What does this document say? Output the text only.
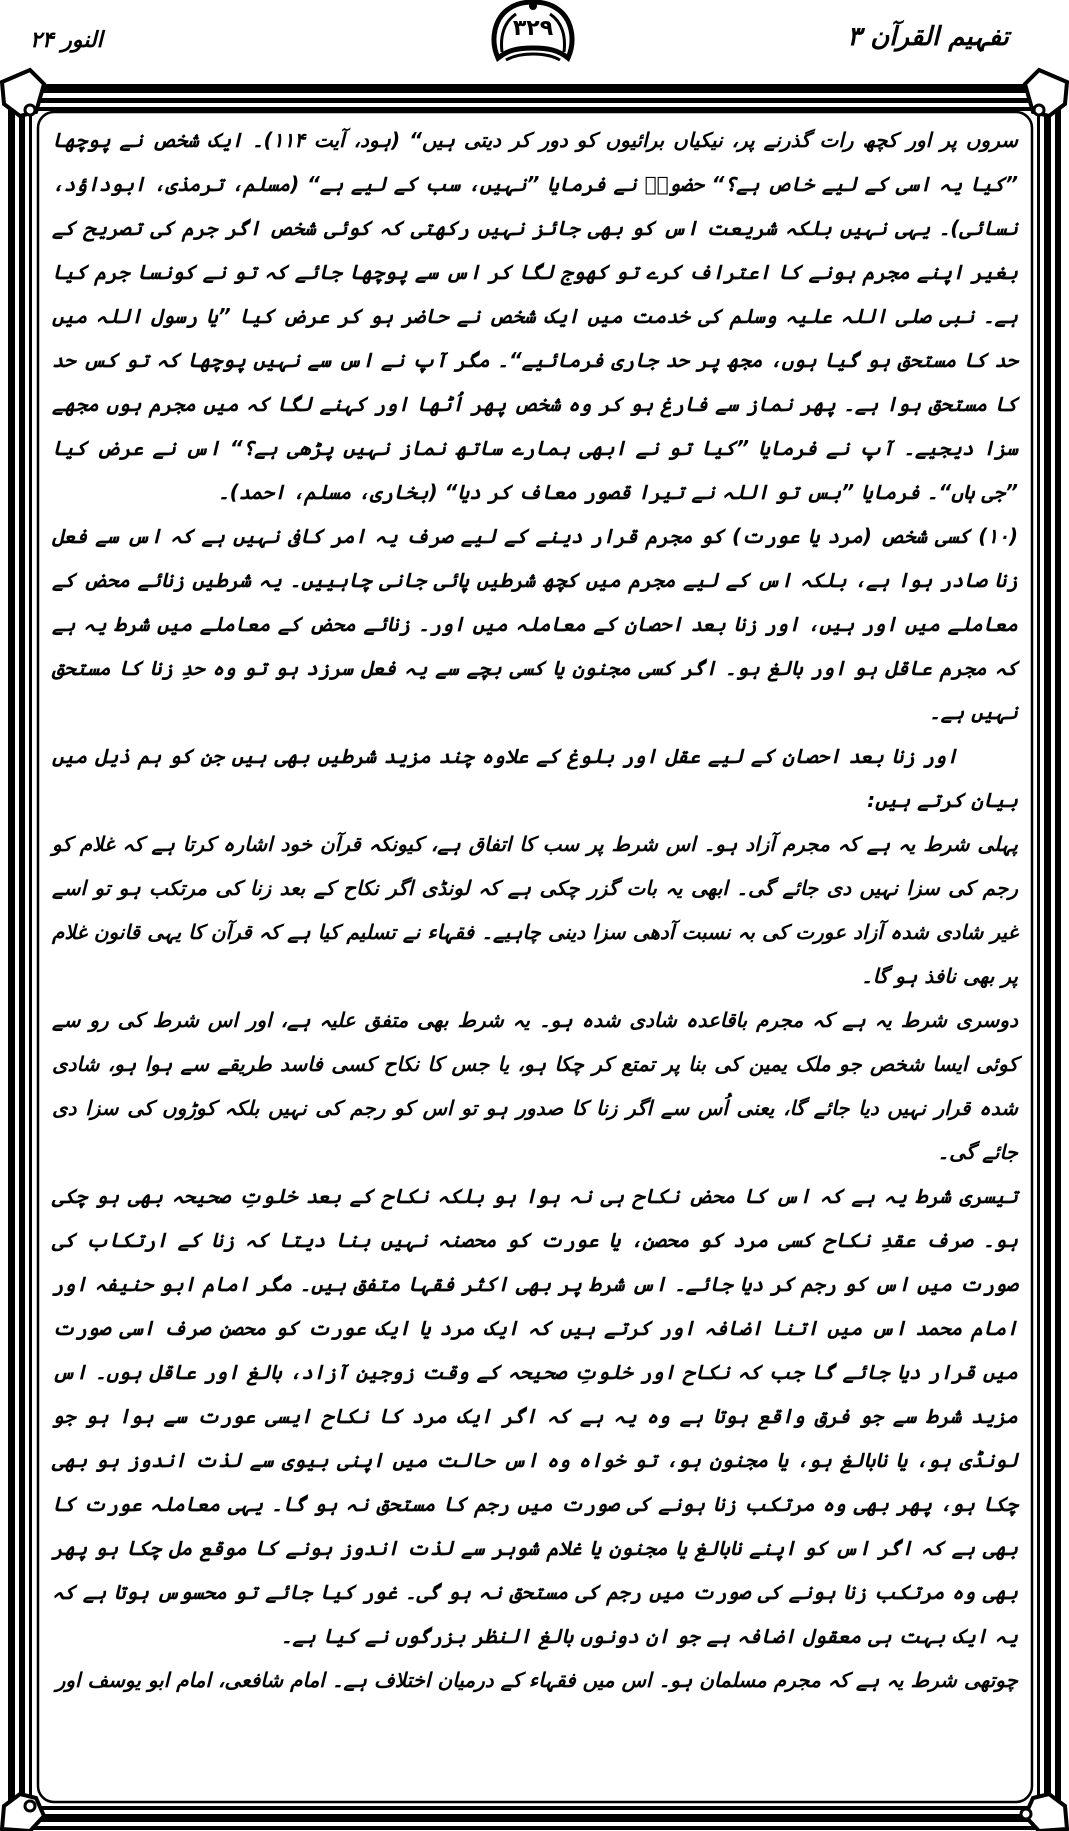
تفہیم القرآن ۳
۳۲۹
النور ۲۴

سروں پر اور کچھ رات گذرنے پر، نیکیاں برائیوں کو دور کر دیتی ہیں“ (ہود، آیت ۱۱۴)۔ ایک شخص نے پوچھا ”کیا یہ اسی کے لیے خاص ہے؟“ حضورؐ نے فرمایا ”نہیں، سب کے لیے ہے“ (مسلم، ترمذی، ابوداؤد، نسائی)۔ یہی نہیں بلکہ شریعت اس کو بھی جائز نہیں رکھتی کہ کوئی شخص اگر جرم کی تصریح کے بغیر اپنے مجرم ہونے کا اعتراف کرے تو کھوج لگا کر اس سے پوچھا جائے کہ تو نے کونسا جرم کیا ہے۔ نبی صلی اللہ علیہ وسلم کی خدمت میں ایک شخص نے حاضر ہو کر عرض کیا ”یا رسول اللہ میں حد کا مستحق ہو گیا ہوں، مجھ پر حد جاری فرمائیے“۔ مگر آپ نے اس سے نہیں پوچھا کہ تو کس حد کا مستحق ہوا ہے۔ پھر نماز سے فارغ ہو کر وہ شخص پھر اُٹھا اور کہنے لگا کہ میں مجرم ہوں مجھے سزا دیجیے۔ آپ نے فرمایا ”کیا تو نے ابھی ہمارے ساتھ نماز نہیں پڑھی ہے؟“ اس نے عرض کیا ”جی ہاں“۔ فرمایا ”بس تو اللہ نے تیرا قصور معاف کر دیا“ (بخاری، مسلم، احمد)۔

(۱۰) کسی شخص (مرد یا عورت) کو مجرم قرار دینے کے لیے صرف یہ امر کافی نہیں ہے کہ اس سے فعل زنا صادر ہوا ہے، بلکہ اس کے لیے مجرم میں کچھ شرطیں پائی جانی چاہییں۔ یہ شرطیں زنائے محض کے معاملے میں اور ہیں، اور زنا بعد احصان کے معاملہ میں اور۔ زنائے محض کے معاملے میں شرط یہ ہے کہ مجرم عاقل ہو اور بالغ ہو۔ اگر کسی مجنون یا کسی بچے سے یہ فعل سرزد ہو تو وہ حدِ زنا کا مستحق نہیں ہے۔

اور زنا بعد احصان کے لیے عقل اور بلوغ کے علاوہ چند مزید شرطیں بھی ہیں جن کو ہم ذیل میں بیان کرتے ہیں:

پہلی شرط یہ ہے کہ مجرم آزاد ہو۔ اس شرط پر سب کا اتفاق ہے، کیونکہ قرآن خود اشارہ کرتا ہے کہ غلام کو رجم کی سزا نہیں دی جائے گی۔ ابھی یہ بات گزر چکی ہے کہ لونڈی اگر نکاح کے بعد زنا کی مرتکب ہو تو اسے غیر شادی شدہ آزاد عورت کی بہ نسبت آدھی سزا دینی چاہیے۔ فقہاء نے تسلیم کیا ہے کہ قرآن کا یہی قانون غلام پر بھی نافذ ہو گا۔

دوسری شرط یہ ہے کہ مجرم باقاعدہ شادی شدہ ہو۔ یہ شرط بھی متفق علیہ ہے، اور اس شرط کی رو سے کوئی ایسا شخص جو ملک یمین کی بنا پر تمتع کر چکا ہو، یا جس کا نکاح کسی فاسد طریقے سے ہوا ہو، شادی شدہ قرار نہیں دیا جائے گا، یعنی اُس سے اگر زنا کا صدور ہو تو اس کو رجم کی نہیں بلکہ کوڑوں کی سزا دی جائے گی۔

تیسری شرط یہ ہے کہ اس کا محض نکاح ہی نہ ہوا ہو بلکہ نکاح کے بعد خلوتِ صحیحہ بھی ہو چکی ہو۔ صرف عقدِ نکاح کسی مرد کو محصن، یا عورت کو محصنہ نہیں بنا دیتا کہ زنا کے ارتکاب کی صورت میں اس کو رجم کر دیا جائے۔ اس شرط پر بھی اکثر فقہا متفق ہیں۔ مگر امام ابو حنیفہ اور امام محمد اس میں اتنا اضافہ اور کرتے ہیں کہ ایک مرد یا ایک عورت کو محصن صرف اسی صورت میں قرار دیا جائے گا جب کہ نکاح اور خلوتِ صحیحہ کے وقت زوجین آزاد، بالغ اور عاقل ہوں۔ اس مزید شرط سے جو فرق واقع ہوتا ہے وہ یہ ہے کہ اگر ایک مرد کا نکاح ایسی عورت سے ہوا ہو جو لونڈی ہو، یا نابالغ ہو، یا مجنون ہو، تو خواہ وہ اس حالت میں اپنی بیوی سے لذت اندوز ہو بھی چکا ہو، پھر بھی وہ مرتکب زنا ہونے کی صورت میں رجم کا مستحق نہ ہو گا۔ یہی معاملہ عورت کا بھی ہے کہ اگر اس کو اپنے نابالغ یا مجنون یا غلام شوہر سے لذت اندوز ہونے کا موقع مل چکا ہو پھر بھی وہ مرتکب زنا ہونے کی صورت میں رجم کی مستحق نہ ہو گی۔ غور کیا جائے تو محسوس ہوتا ہے کہ یہ ایک بہت ہی معقول اضافہ ہے جو ان دونوں بالغ النظر بزرگوں نے کیا ہے۔

چوتھی شرط یہ ہے کہ مجرم مسلمان ہو۔ اس میں فقہاء کے درمیان اختلاف ہے۔ امام شافعی، امام ابو یوسف اور
